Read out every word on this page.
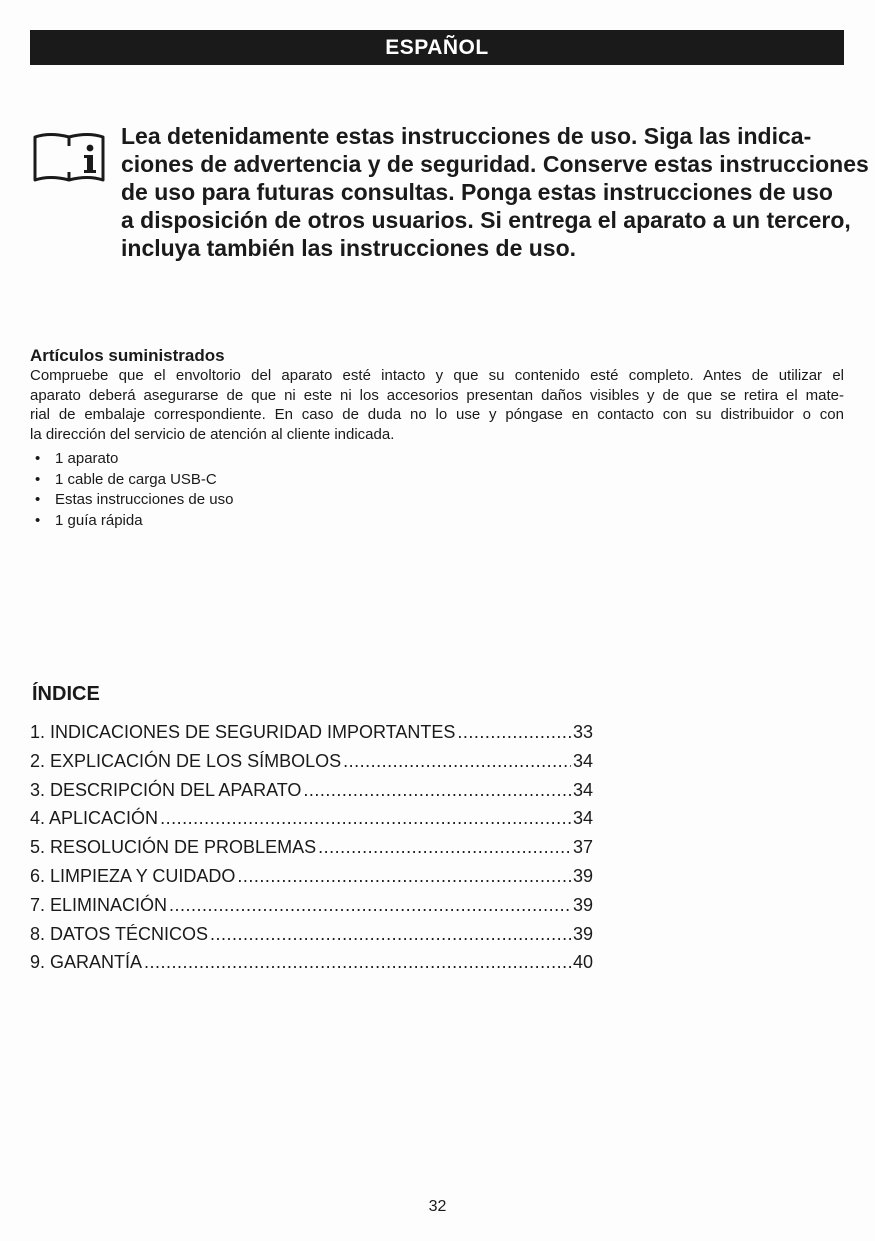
ESPAÑOL
Lea detenidamente estas instrucciones de uso. Siga las indica-
ciones de advertencia y de seguridad. Conserve estas instrucciones
de uso para futuras consultas. Ponga estas instrucciones de uso
a disposición de otros usuarios. Si entrega el aparato a un tercero,
incluya también las instrucciones de uso.
Artículos suministrados

Compruebe que el envoltorio del aparato esté intacto y que su contenido esté completo. Antes de utilizar el
aparato deberá asegurarse de que ni este ni los accesorios presentan daños visibles y de que se retira el mate-
rial de embalaje correspondiente. En caso de duda no lo use y póngase en contacto con su distribuidor o con
la dirección del servicio de atención al cliente indicada.

• 1 aparato
• 1 cable de carga USB-C
• Estas instrucciones de uso
• 1 guía rápida
ÍNDICE
1. INDICACIONES DE SEGURIDAD IMPORTANTES .....	33
2. EXPLICACIÓN DE LOS SÍMBOLOS .....	34
3. DESCRIPCIÓN DEL APARATO .....	34
4. APLICACIÓN .....	34
5. RESOLUCIÓN DE PROBLEMAS .....	37
6. LIMPIEZA Y CUIDADO .....	39
7. ELIMINACIÓN .....	39
8. DATOS TÉCNICOS .....	39
9. GARANTÍA .....	40
32
